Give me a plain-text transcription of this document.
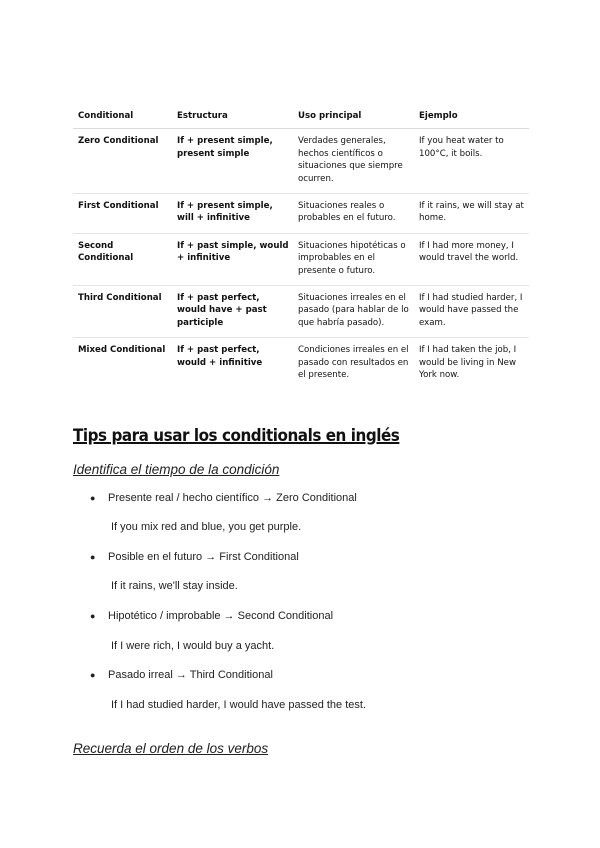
Conditional	Estructura	Uso principal	Ejemplo
Zero Conditional	If + present simple, present simple	Verdades generales, hechos científicos o situaciones que siempre ocurren.	If you heat water to 100°C, it boils.
First Conditional	If + present simple, will + infinitive	Situaciones reales o probables en el futuro.	If it rains, we will stay at home.
Second Conditional	If + past simple, would + infinitive	Situaciones hipotéticas o improbables en el presente o futuro.	If I had more money, I would travel the world.
Third Conditional	If + past perfect, would have + past participle	Situaciones irreales en el pasado (para hablar de lo que habría pasado).	If I had studied harder, I would have passed the exam.
Mixed Conditional	If + past perfect, would + infinitive	Condiciones irreales en el pasado con resultados en el presente.	If I had taken the job, I would be living in New York now.
Tips para usar los conditionals en inglés

Identifica el tiempo de la condición

● Presente real / hecho científico → Zero Conditional
If you mix red and blue, you get purple.
● Posible en el futuro → First Conditional
If it rains, we'll stay inside.
● Hipotético / improbable → Second Conditional
If I were rich, I would buy a yacht.
● Pasado irreal → Third Conditional
If I had studied harder, I would have passed the test.

Recuerda el orden de los verbos
